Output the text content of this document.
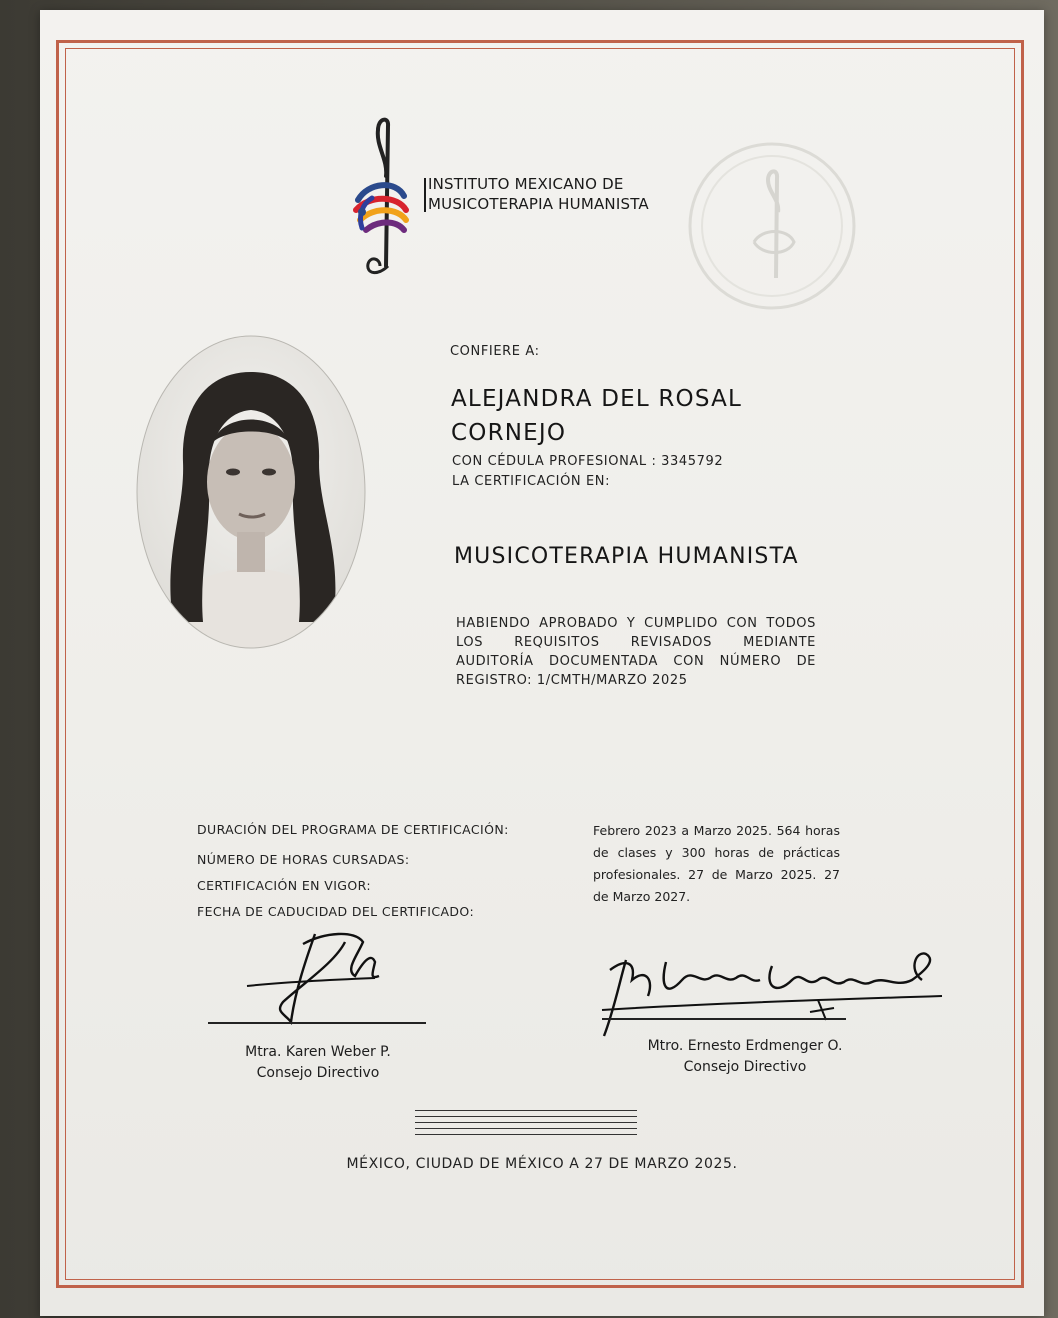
INSTITUTO MEXICANO DE
MUSICOTERAPIA HUMANISTA
CONFIERE A:
ALEJANDRA DEL ROSAL
CORNEJO
CON CÉDULA PROFESIONAL : 3345792
LA CERTIFICACIÓN EN:
MUSICOTERAPIA HUMANISTA
HABIENDO APROBADO Y CUMPLIDO CON TODOS LOS REQUISITOS REVISADOS MEDIANTE AUDITORÍA DOCUMENTADA CON NÚMERO DE REGISTRO: 1/CMTH/MARZO 2025
DURACIÓN DEL PROGRAMA DE CERTIFICACIÓN:
NÚMERO DE HORAS CURSADAS:
CERTIFICACIÓN EN VIGOR:
FECHA DE CADUCIDAD DEL CERTIFICADO:
Febrero 2023 a Marzo 2025. 564 horas de clases y 300 horas de prácticas profesionales. 27 de Marzo 2025. 27 de Marzo 2027.
Mtra. Karen Weber P.
Consejo Directivo
Mtro. Ernesto Erdmenger O.
Consejo Directivo
MÉXICO, CIUDAD DE MÉXICO A 27 DE MARZO 2025.
